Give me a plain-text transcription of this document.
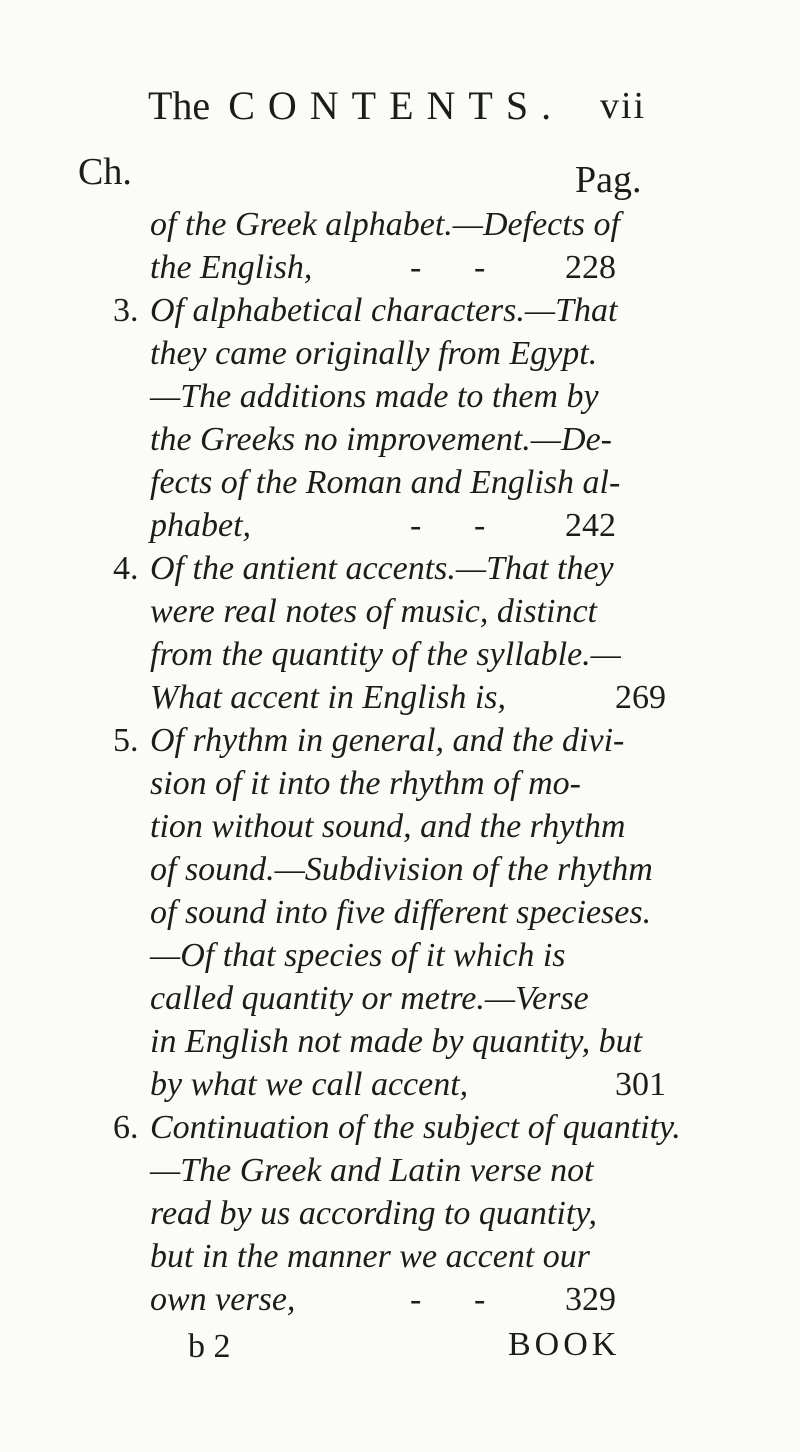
The CONTENTS. vii
Ch.	Pag.
b 2	BOOK
of the Greek alphabet.—Defects of
the English,	- - 228
3. Of alphabetical characters.—That
they came originally from Egypt.
—The additions made to them by
the Greeks no improvement.—De-
fects of the Roman and English al-
phabet,	- - 242
4. Of the antient accents.—That they
were real notes of music, distinct
from the quantity of the syllable.—
What accent in English is,	269
5. Of rhythm in general, and the divi-
sion of it into the rhythm of mo-
tion without sound, and the rhythm
of sound.—Subdivision of the rhythm
of sound into five different specieses.
—Of that species of it which is
called quantity or metre.—Verse
in English not made by quantity, but
by what we call accent,	301
6. Continuation of the subject of quantity.
—The Greek and Latin verse not
read by us according to quantity,
but in the manner we accent our
own verse,	- - 329
